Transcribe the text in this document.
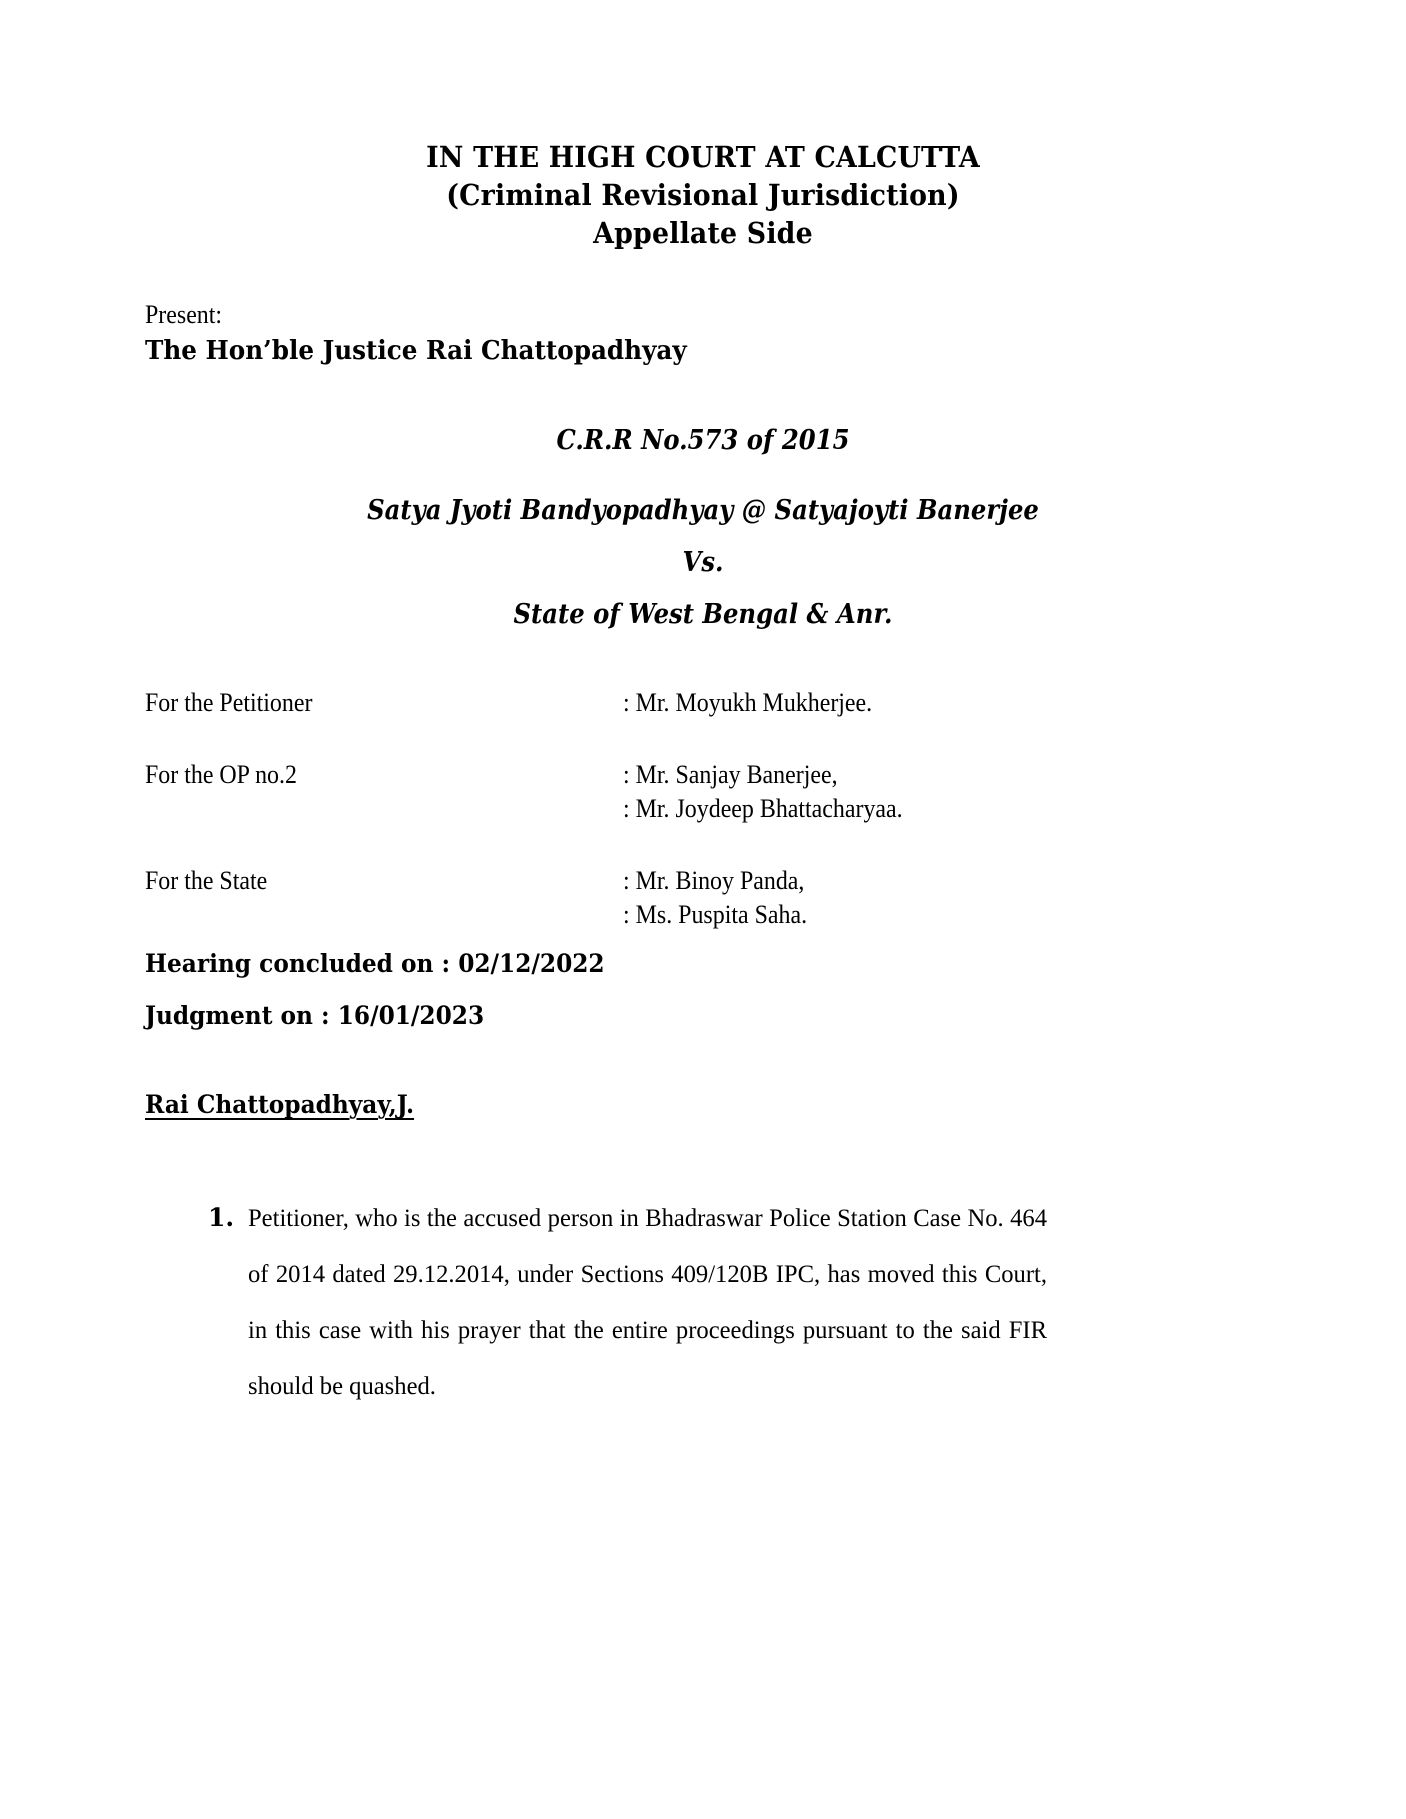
IN THE HIGH COURT AT CALCUTTA
(Criminal Revisional Jurisdiction)
Appellate Side
Present:
The Hon’ble Justice Rai Chattopadhyay
C.R.R No.573 of 2015
Satya Jyoti Bandyopadhyay @ Satyajoyti Banerjee
Vs.
State of West Bengal & Anr.
For the Petitioner	: Mr. Moyukh Mukherjee.
For the OP no.2	: Mr. Sanjay Banerjee,
: Mr. Joydeep Bhattacharyaa.
For the State	: Mr. Binoy Panda,
: Ms. Puspita Saha.
Hearing concluded on : 02/12/2022
Judgment on : 16/01/2023
Rai Chattopadhyay,J.
1. Petitioner, who is the accused person in Bhadraswar Police Station Case No. 464 of 2014 dated 29.12.2014, under Sections 409/120B IPC, has moved this Court, in this case with his prayer that the entire proceedings pursuant to the said FIR should be quashed.
